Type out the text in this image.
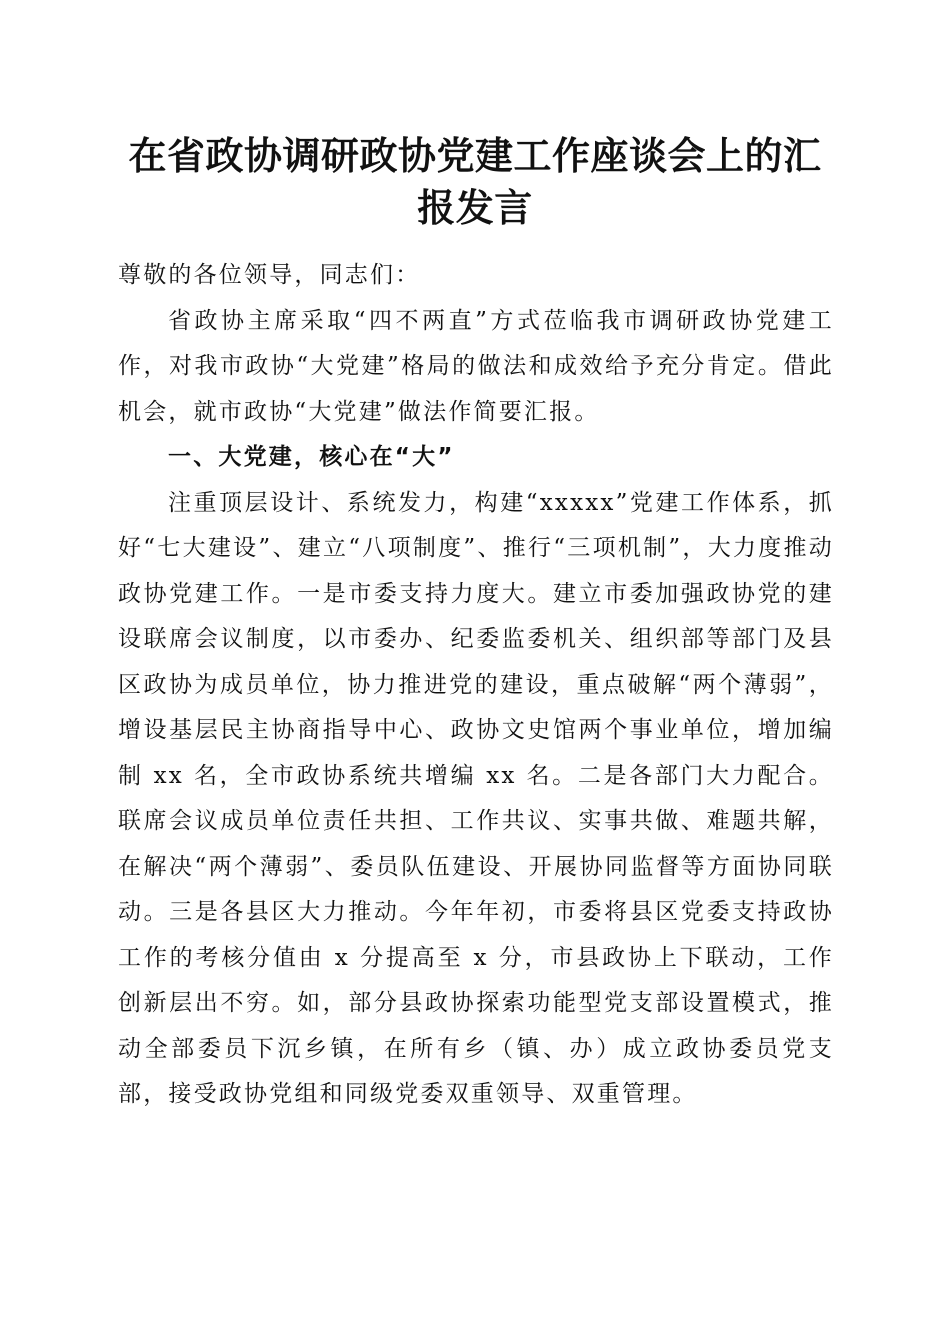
在省政协调研政协党建工作座谈会上的汇报发言

尊敬的各位领导，同志们：

省政协主席采取“四不两直”方式莅临我市调研政协党建工作，对我市政协“大党建”格局的做法和成效给予充分肯定。借此机会，就市政协“大党建”做法作简要汇报。

一、大党建，核心在“大”

注重顶层设计、系统发力，构建“xxxxx”党建工作体系，抓好“七大建设”、建立“八项制度”、推行“三项机制”，大力度推动政协党建工作。一是市委支持力度大。建立市委加强政协党的建设联席会议制度，以市委办、纪委监委机关、组织部等部门及县区政协为成员单位，协力推进党的建设，重点破解“两个薄弱”，增设基层民主协商指导中心、政协文史馆两个事业单位，增加编制 xx 名，全市政协系统共增编 xx 名。二是各部门大力配合。联席会议成员单位责任共担、工作共议、实事共做、难题共解，在解决“两个薄弱”、委员队伍建设、开展协同监督等方面协同联动。三是各县区大力推动。今年年初，市委将县区党委支持政协工作的考核分值由 x 分提高至 x 分，市县政协上下联动，工作创新层出不穷。如，部分县政协探索功能型党支部设置模式，推动全部委员下沉乡镇，在所有乡（镇、办）成立政协委员党支部，接受政协党组和同级党委双重领导、双重管理。
